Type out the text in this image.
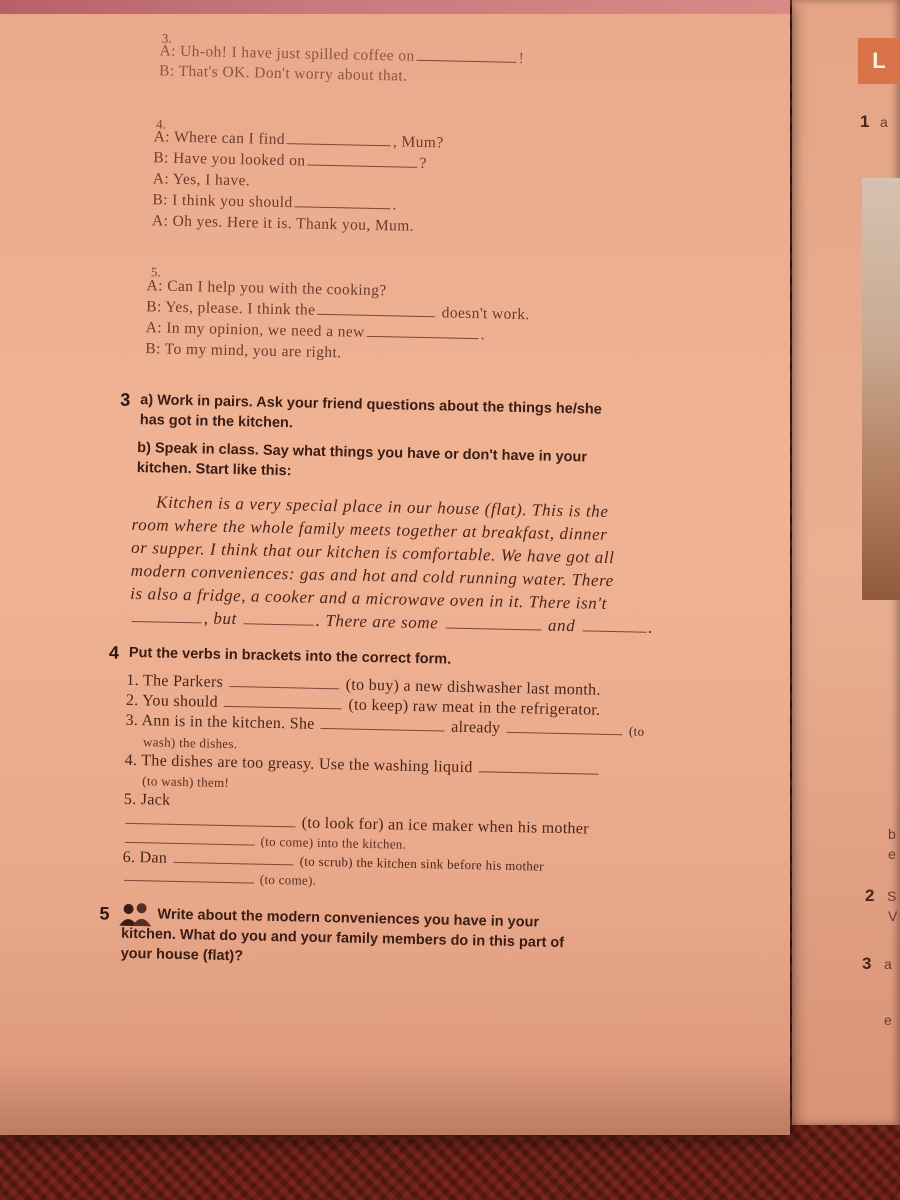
L
1 a
2 S
V
b
e
3 a
e
3.
A: Uh-oh! I have just spilled coffee on	!
B: That's OK. Don't worry about that.
4.
A: Where can I find	, Mum?
B: Have you looked on	?
A: Yes, I have.
B: I think you should	.
A: Oh yes. Here it is. Thank you, Mum.
5.
A: Can I help you with the cooking?
B: Yes, please. I think the	doesn't work.
A: In my opinion, we need a new	.
B: To my mind, you are right.
3 a) Work in pairs. Ask your friend questions about the things he/she
has got in the kitchen.
b) Speak in class. Say what things you have or don't have in your
kitchen. Start like this:
Kitchen is a very special place in our house (flat). This is the
room where the whole family meets together at breakfast, dinner
or supper. I think that our kitchen is comfortable. We have got all
modern conveniences: gas and hot and cold running water. There
is also a fridge, a cooker and a microwave oven in it. There isn't
, but	. There are some	and	.
4 Put the verbs in brackets into the correct form.
1. The Parkers	(to buy) a new dishwasher last month.
2. You should	(to keep) raw meat in the refrigerator.
3. Ann is in the kitchen. She	already	(to
wash) the dishes.
4. The dishes are too greasy. Use the washing liquid
(to wash) them!
5. Jack
(to look for) an ice maker when his mother
(to come) into the kitchen.
6. Dan	(to scrub) the kitchen sink before his mother
(to come).
5	Write about the modern conveniences you have in your
kitchen. What do you and your family members do in this part of
your house (flat)?
